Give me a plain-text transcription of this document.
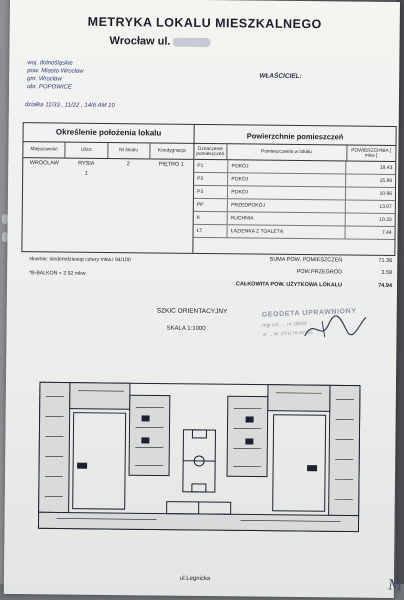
METRYKA LOKALU MIESZKALNEGO
Wrocław ul.
woj. dolnośląskie
pow. Miasto Wrocław
gm. Wrocław
obr. POPOWICE
WŁAŚCICIEL:
działka 11/33 , 11/22 , 14/6 AM 10
Określenie położenia lokalu
Miejscowość	Ulica	Nr lokalu	Kondygnacja
WROCŁAW	RYSIA	2	PIĘTRO 1
1
Powierzchnie pomieszczeń
Oznaczenie pomieszczeń	Pomieszczenia w lokalu	POWIERZCHNIA [ mkw ]
P1	POKÓJ	18.43
P2	POKÓJ	15.96
P3	POKÓJ	10.96
PP	PRZEDPOKÓJ	13.07
K	KUCHNIA	10.33
ŁT	ŁAZIENKA Z TOALETĄ	7.44
SUMA POW. POMIESZCZEŃ	71.36
POW.PRZEGRÓD	3.58
CAŁKOWITA POW. UŻYTKOWA LOKALU	74.94
słownie: siedemdziesiąt cztery mkw.i 94/100
*B-BALKON = 2.92 mkw.
SZKIC ORIENTACYJNY
SKALA 1:1000
GEODETA UPRAWNIONY
mgr inż. ... nr 16834
ul. ... tel. (071) 78-46-491
ul.Legnicka	M
